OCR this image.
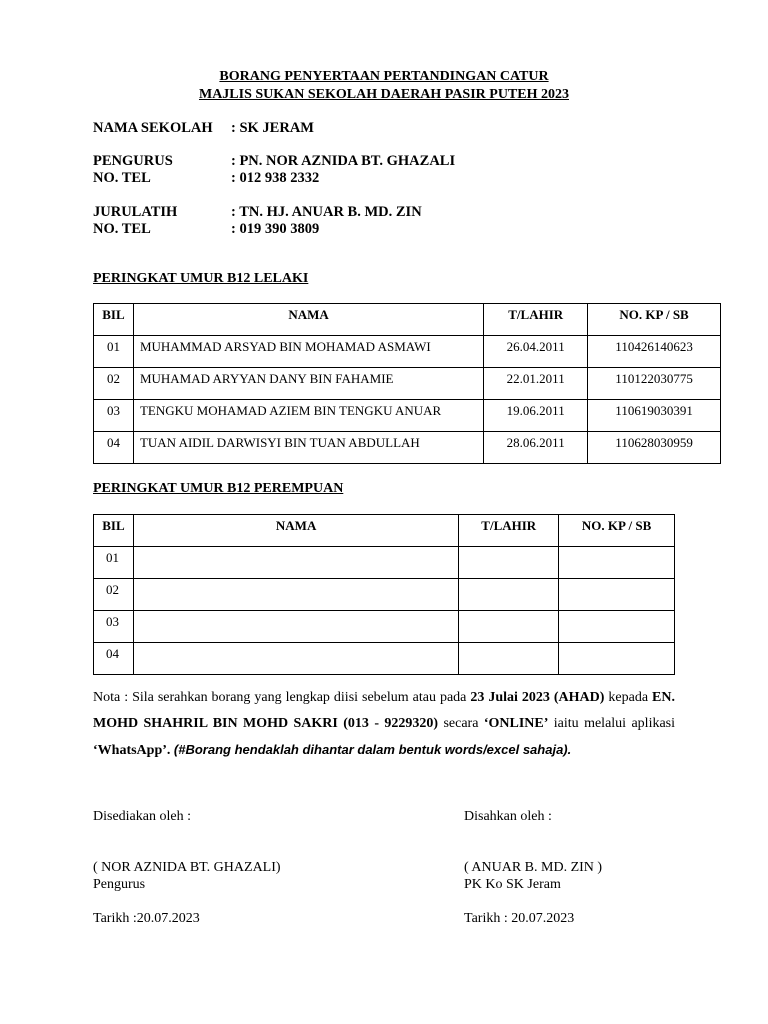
BORANG PENYERTAAN PERTANDINGAN CATUR
MAJLIS SUKAN SEKOLAH DAERAH PASIR PUTEH 2023
NAMA SEKOLAH	: SK JERAM
PENGURUS	: PN. NOR AZNIDA BT. GHAZALI
NO. TEL	: 012 938 2332
JURULATIH	: TN. HJ. ANUAR B. MD. ZIN
NO. TEL	: 019 390 3809
PERINGKAT UMUR B12 LELAKI
BIL	NAMA	T/LAHIR	NO. KP / SB
01	MUHAMMAD ARSYAD BIN MOHAMAD ASMAWI	26.04.2011	110426140623
02	MUHAMAD ARYYAN DANY BIN FAHAMIE	22.01.2011	110122030775
03	TENGKU MOHAMAD AZIEM BIN TENGKU ANUAR	19.06.2011	110619030391
04	TUAN AIDIL DARWISYI BIN TUAN ABDULLAH	28.06.2011	110628030959
PERINGKAT UMUR B12 PEREMPUAN
BIL	NAMA	T/LAHIR	NO. KP / SB
01			
02			
03			
04			
Nota : Sila serahkan borang yang lengkap diisi sebelum atau pada 23 Julai 2023 (AHAD) kepada EN. MOHD SHAHRIL BIN MOHD SAKRI (013 - 9229320) secara ‘ONLINE’ iaitu melalui aplikasi ‘WhatsApp’. (#Borang hendaklah dihantar dalam bentuk words/excel sahaja).
Disediakan oleh :	Disahkan oleh :
( NOR AZNIDA BT. GHAZALI)
Pengurus
( ANUAR B. MD. ZIN )
PK Ko SK Jeram
Tarikh :20.07.2023	Tarikh : 20.07.2023
